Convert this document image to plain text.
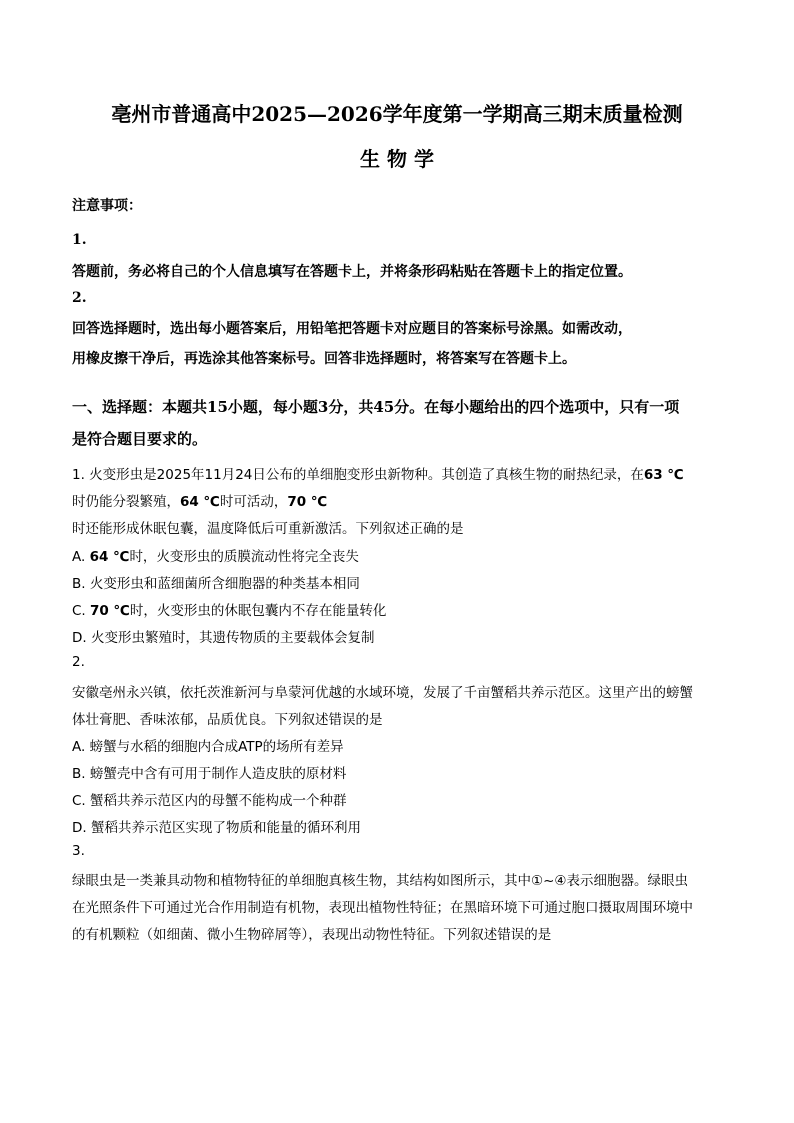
亳州市普通高中2025—2026学年度第一学期高三期末质量检测
生 物 学
注意事项：
1.
答题前，务必将自己的个人信息填写在答题卡上，并将条形码粘贴在答题卡上的指定位置。
2.
回答选择题时，选出每小题答案后，用铅笔把答题卡对应题目的答案标号涂黑。如需改动，
用橡皮擦干净后，再选涂其他答案标号。回答非选择题时，将答案写在答题卡上。
一、选择题：本题共15小题，每小题3分，共45分。在每小题给出的四个选项中，只有一项
是符合题目要求的。
1. 火变形虫是2025年11月24日公布的单细胞变形虫新物种。其创造了真核生物的耐热纪录，在63 ℃
时仍能分裂繁殖，64 ℃时可活动，70 ℃
时还能形成休眠包囊，温度降低后可重新激活。下列叙述正确的是
A. 64 ℃时，火变形虫的质膜流动性将完全丧失
B. 火变形虫和蓝细菌所含细胞器的种类基本相同
C. 70 ℃时，火变形虫的休眠包囊内不存在能量转化
D. 火变形虫繁殖时，其遗传物质的主要载体会复制
2.
安徽亳州永兴镇，依托茨淮新河与阜蒙河优越的水域环境，发展了千亩蟹稻共养示范区。这里产出的螃蟹
体壮膏肥、香味浓郁，品质优良。下列叙述错误的是
A. 螃蟹与水稻的细胞内合成ATP的场所有差异
B. 螃蟹壳中含有可用于制作人造皮肤的原材料
C. 蟹稻共养示范区内的母蟹不能构成一个种群
D. 蟹稻共养示范区实现了物质和能量的循环利用
3.
绿眼虫是一类兼具动物和植物特征的单细胞真核生物，其结构如图所示，其中①~④表示细胞器。绿眼虫
在光照条件下可通过光合作用制造有机物，表现出植物性特征；在黑暗环境下可通过胞口摄取周围环境中
的有机颗粒（如细菌、微小生物碎屑等），表现出动物性特征。下列叙述错误的是
